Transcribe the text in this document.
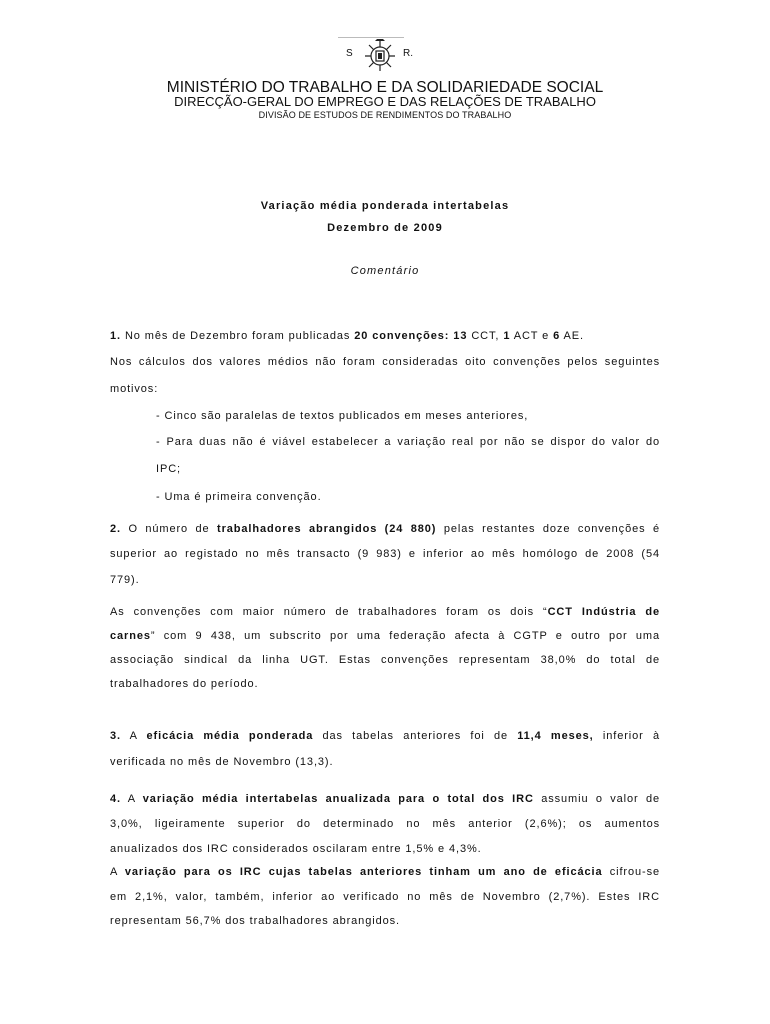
S	R.
MINISTÉRIO DO TRABALHO E DA SOLIDARIEDADE SOCIAL
DIRECÇÃO-GERAL DO EMPREGO E DAS RELAÇÕES DE TRABALHO
DIVISÃO DE ESTUDOS DE RENDIMENTOS DO TRABALHO
Variação média ponderada intertabelas
Dezembro de 2009
Comentário
1. No mês de Dezembro foram publicadas 20 convenções: 13 CCT, 1 ACT e 6 AE.
Nos cálculos dos valores médios não foram consideradas oito convenções pelos seguintes
motivos:
- Cinco são paralelas de textos publicados em meses anteriores,
- Para duas não é viável estabelecer a variação real por não se dispor do valor do
IPC;
- Uma é primeira convenção.
2. O número de trabalhadores abrangidos (24 880) pelas restantes doze convenções é
superior ao registado no mês transacto (9 983) e inferior ao mês homólogo de 2008 (54
779).
As convenções com maior número de trabalhadores foram os dois “CCT Indústria de
carnes” com 9 438, um subscrito por uma federação afecta à CGTP e outro por uma
associação sindical da linha UGT. Estas convenções representam 38,0% do total de
trabalhadores do período.
3. A eficácia média ponderada das tabelas anteriores foi de 11,4 meses, inferior à
verificada no mês de Novembro (13,3).
4. A variação média intertabelas anualizada para o total dos IRC assumiu o valor de
3,0%, ligeiramente superior do determinado no mês anterior (2,6%); os aumentos
anualizados dos IRC considerados oscilaram entre 1,5% e 4,3%.
A variação para os IRC cujas tabelas anteriores tinham um ano de eficácia cifrou-se
em 2,1%, valor, também, inferior ao verificado no mês de Novembro (2,7%). Estes IRC
representam 56,7% dos trabalhadores abrangidos.
